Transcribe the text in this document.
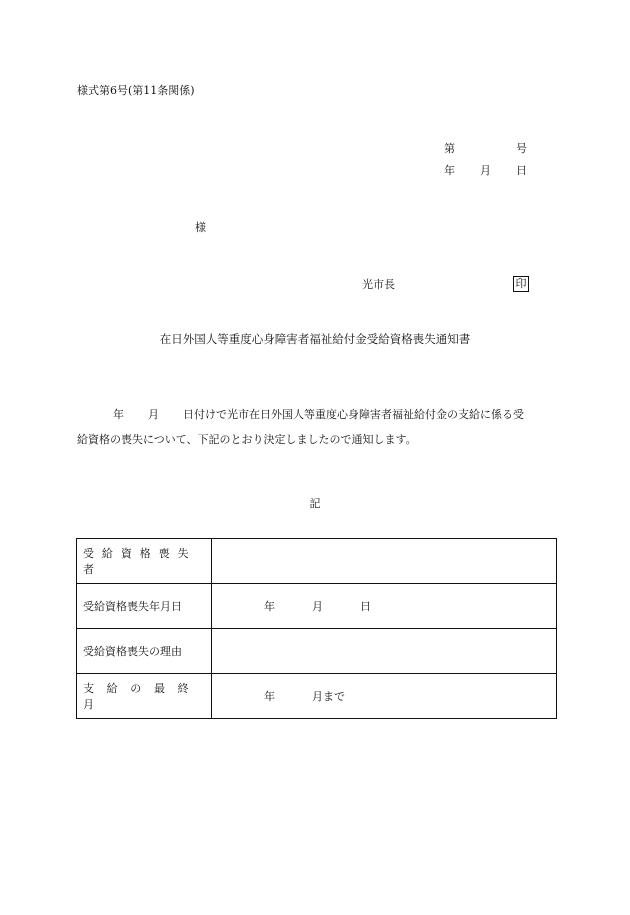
様式第6号(第11条関係)
第	号
年 月 日
様
光市長	印
在日外国人等重度心身障害者福祉給付金受給資格喪失通知書

年 月 日付けで光市在日外国人等重度心身障害者福祉給付金の支給に係る受

給資格の喪失について、下記のとおり決定しましたので通知します。

記
受給資格喪失者	
受給資格喪失年月日	年 月 日

受給資格喪失の理由	
支給の最終月	年 月まで
